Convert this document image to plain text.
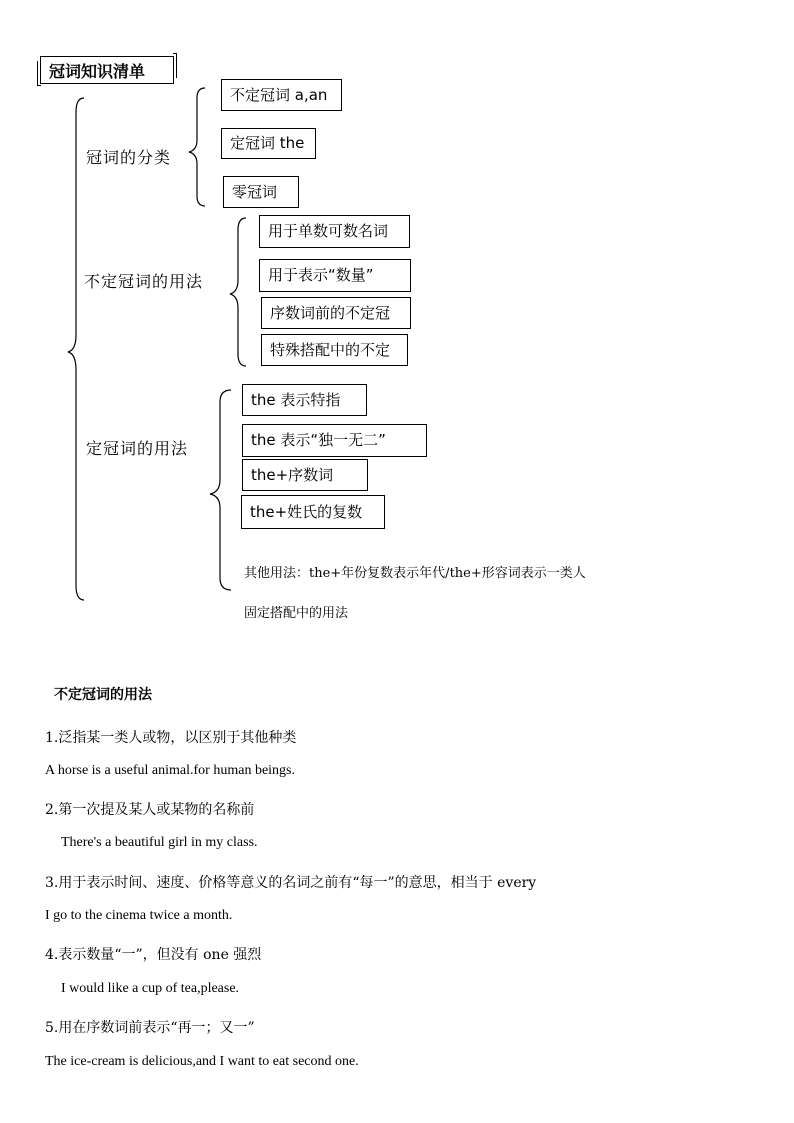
冠词知识清单
冠词的分类
不定冠词的用法
定冠词的用法
不定冠词 a,an
定冠词 the
零冠词
用于单数可数名词
用于表示“数量”
序数词前的不定冠
特殊搭配中的不定
the 表示特指
the 表示“独一无二”
the+序数词
the+姓氏的复数
其他用法：the+年份复数表示年代/the+形容词表示一类人
固定搭配中的用法
不定冠词的用法
1.泛指某一类人或物，以区别于其他种类
A horse is a useful animal.for human beings.
2.第一次提及某人或某物的名称前
There's a beautiful girl in my class.
3.用于表示时间、速度、价格等意义的名词之前有“每一”的意思，相当于 every
I go to the cinema twice a month.
4.表示数量“一”，但没有 one 强烈
I would like a cup of tea,please.
5.用在序数词前表示“再一；又一”
The ice-cream is delicious,and I want to eat second one.
